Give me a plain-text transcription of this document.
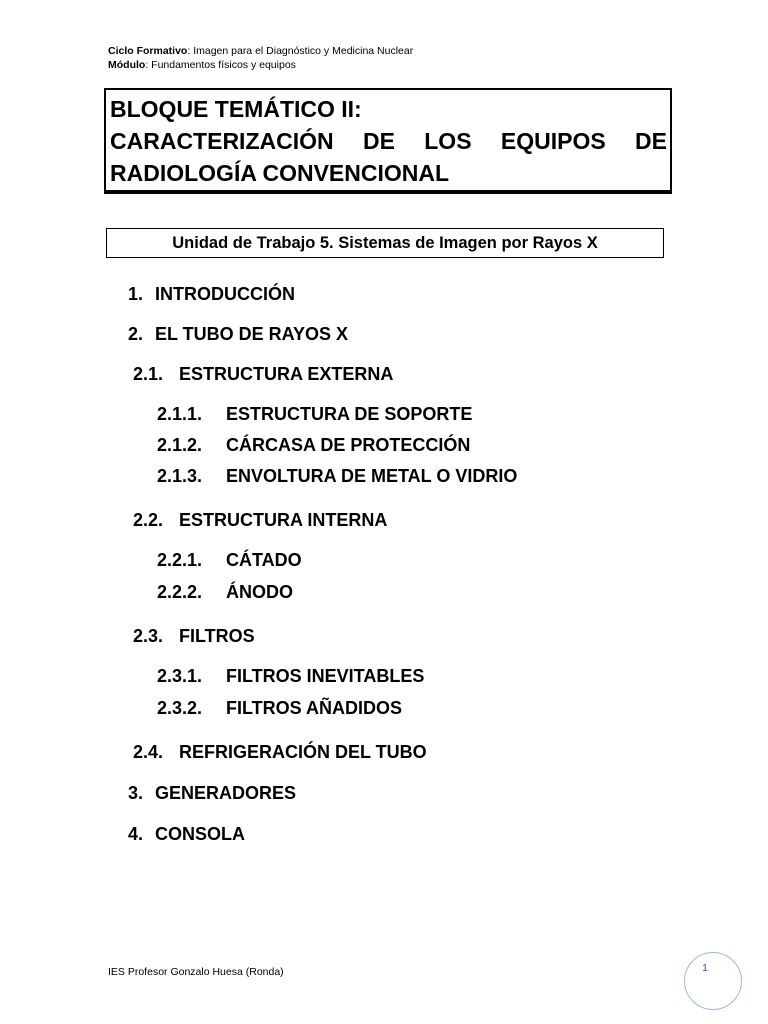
Ciclo Formativo: Imagen para el Diagnóstico y Medicina Nuclear
Módulo: Fundamentos físicos y equipos
BLOQUE TEMÁTICO II:
CARACTERIZACIÓN DE LOS EQUIPOS DE
RADIOLOGÍA CONVENCIONAL
Unidad de Trabajo 5. Sistemas de Imagen por Rayos X
1. INTRODUCCIÓN
2. EL TUBO DE RAYOS X
2.1. ESTRUCTURA EXTERNA
2.1.1. ESTRUCTURA DE SOPORTE
2.1.2. CÁRCASA DE PROTECCIÓN
2.1.3. ENVOLTURA DE METAL O VIDRIO
2.2. ESTRUCTURA INTERNA
2.2.1. CÁTADO
2.2.2. ÁNODO
2.3. FILTROS
2.3.1. FILTROS INEVITABLES
2.3.2. FILTROS AÑADIDOS
2.4. REFRIGERACIÓN DEL TUBO
3. GENERADORES
4. CONSOLA
IES Profesor Gonzalo Huesa (Ronda)	1
